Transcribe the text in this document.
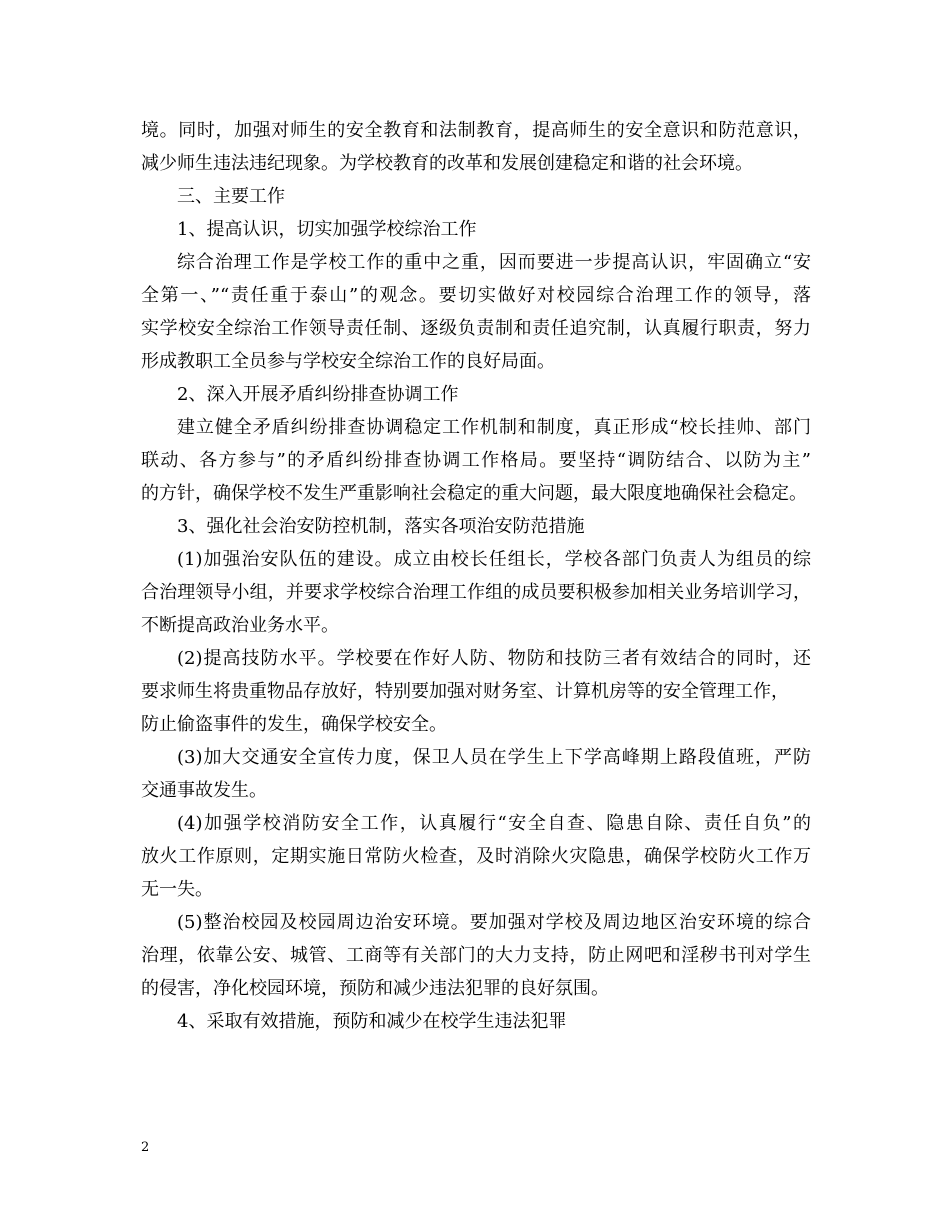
境。同时，加强对师生的安全教育和法制教育，提高师生的安全意识和防范意识，
减少师生违法违纪现象。为学校教育的改革和发展创建稳定和谐的社会环境。
三、主要工作
1、提高认识，切实加强学校综治工作
综合治理工作是学校工作的重中之重，因而要进一步提高认识，牢固确立“安
全第一、”“责任重于泰山”的观念。要切实做好对校园综合治理工作的领导，落
实学校安全综治工作领导责任制、逐级负责制和责任追究制，认真履行职责，努力
形成教职工全员参与学校安全综治工作的良好局面。
2、深入开展矛盾纠纷排查协调工作
建立健全矛盾纠纷排查协调稳定工作机制和制度，真正形成“校长挂帅、部门
联动、各方参与”的矛盾纠纷排查协调工作格局。要坚持“调防结合、以防为主”
的方针，确保学校不发生严重影响社会稳定的重大问题，最大限度地确保社会稳定。
3、强化社会治安防控机制，落实各项治安防范措施
(1)加强治安队伍的建设。成立由校长任组长，学校各部门负责人为组员的综
合治理领导小组，并要求学校综合治理工作组的成员要积极参加相关业务培训学习，
不断提高政治业务水平。
(2)提高技防水平。学校要在作好人防、物防和技防三者有效结合的同时，还
要求师生将贵重物品存放好，特别要加强对财务室、计算机房等的安全管理工作，
防止偷盗事件的发生，确保学校安全。
(3)加大交通安全宣传力度，保卫人员在学生上下学高峰期上路段值班，严防
交通事故发生。
(4)加强学校消防安全工作，认真履行“安全自查、隐患自除、责任自负”的
放火工作原则，定期实施日常防火检查，及时消除火灾隐患，确保学校防火工作万
无一失。
(5)整治校园及校园周边治安环境。要加强对学校及周边地区治安环境的综合
治理，依靠公安、城管、工商等有关部门的大力支持，防止网吧和淫秽书刊对学生
的侵害，净化校园环境，预防和减少违法犯罪的良好氛围。
4、采取有效措施，预防和减少在校学生违法犯罪
2
